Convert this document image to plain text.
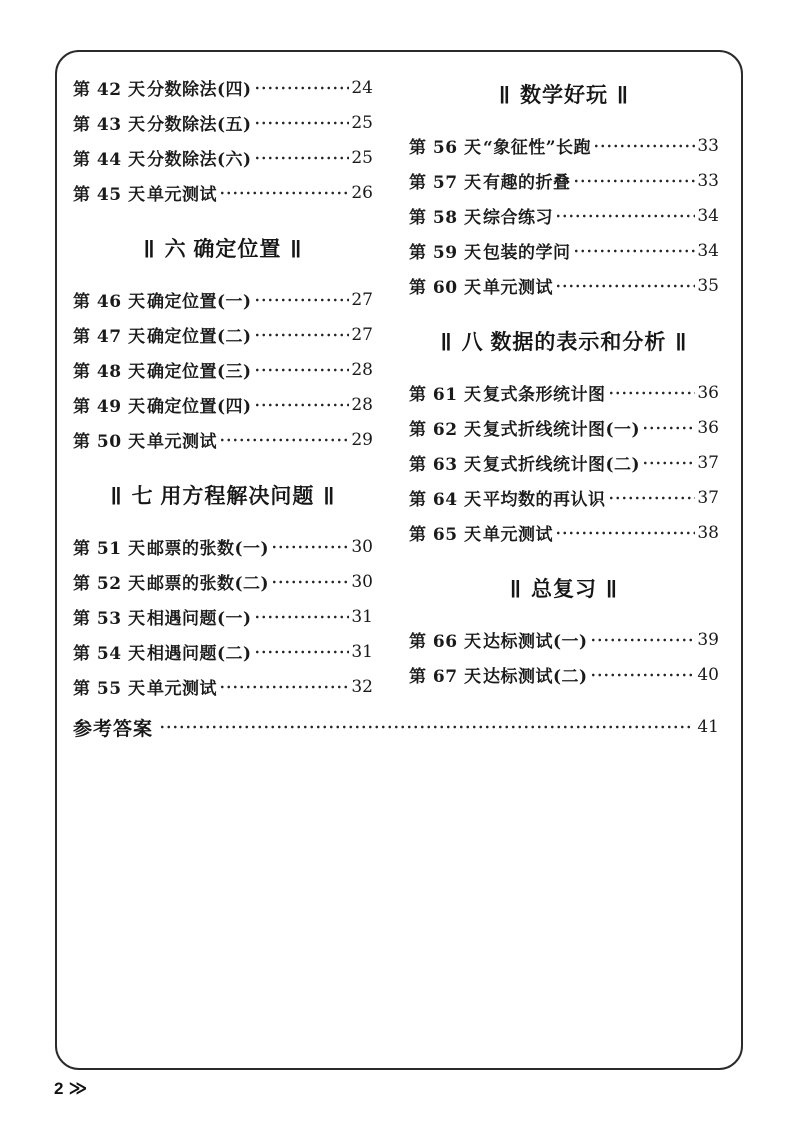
第 42 天 分数除法(四)	24
第 43 天 分数除法(五)	25
第 44 天 分数除法(六)	25
第 45 天 单元测试	26
‖ 六 确定位置 ‖
第 46 天 确定位置(一)	27
第 47 天 确定位置(二)	27
第 48 天 确定位置(三)	28
第 49 天 确定位置(四)	28
第 50 天 单元测试	29
‖ 七 用方程解决问题 ‖
第 51 天 邮票的张数(一)	30
第 52 天 邮票的张数(二)	30
第 53 天 相遇问题(一)	31
第 54 天 相遇问题(二)	31
第 55 天 单元测试	32
‖ 数学好玩 ‖
第 56 天 “象征性”长跑	33
第 57 天 有趣的折叠	33
第 58 天 综合练习	34
第 59 天 包装的学问	34
第 60 天 单元测试	35
‖ 八 数据的表示和分析 ‖
第 61 天 复式条形统计图	36
第 62 天 复式折线统计图(一)	36
第 63 天 复式折线统计图(二)	37
第 64 天 平均数的再认识	37
第 65 天 单元测试	38
‖ 总复习 ‖
第 66 天 达标测试(一)	39
第 67 天 达标测试(二)	40
参考答案	41
2 ≫
